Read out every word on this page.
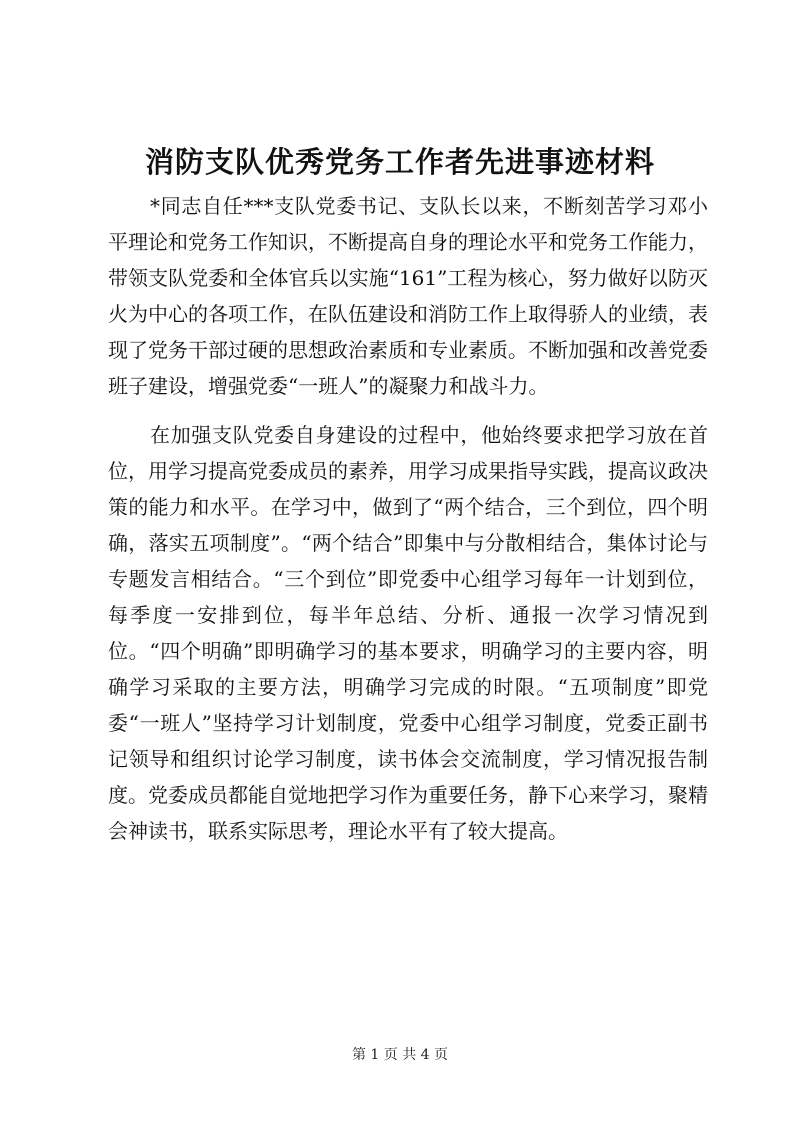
消防支队优秀党务工作者先进事迹材料

*同志自任***支队党委书记、支队长以来，不断刻苦学习邓小平理论和党务工作知识，不断提高自身的理论水平和党务工作能力，带领支队党委和全体官兵以实施“161”工程为核心，努力做好以防灭火为中心的各项工作，在队伍建设和消防工作上取得骄人的业绩，表现了党务干部过硬的思想政治素质和专业素质。不断加强和改善党委班子建设，增强党委“一班人”的凝聚力和战斗力。

在加强支队党委自身建设的过程中，他始终要求把学习放在首位，用学习提高党委成员的素养，用学习成果指导实践，提高议政决策的能力和水平。在学习中，做到了“两个结合，三个到位，四个明确，落实五项制度”。“两个结合”即集中与分散相结合，集体讨论与专题发言相结合。“三个到位”即党委中心组学习每年一计划到位，每季度一安排到位，每半年总结、分析、通报一次学习情况到位。“四个明确”即明确学习的基本要求，明确学习的主要内容，明确学习采取的主要方法，明确学习完成的时限。“五项制度”即党委“一班人”坚持学习计划制度，党委中心组学习制度，党委正副书记领导和组织讨论学习制度，读书体会交流制度，学习情况报告制度。党委成员都能自觉地把学习作为重要任务，静下心来学习，聚精会神读书，联系实际思考，理论水平有了较大提高。

第 1 页 共 4 页
